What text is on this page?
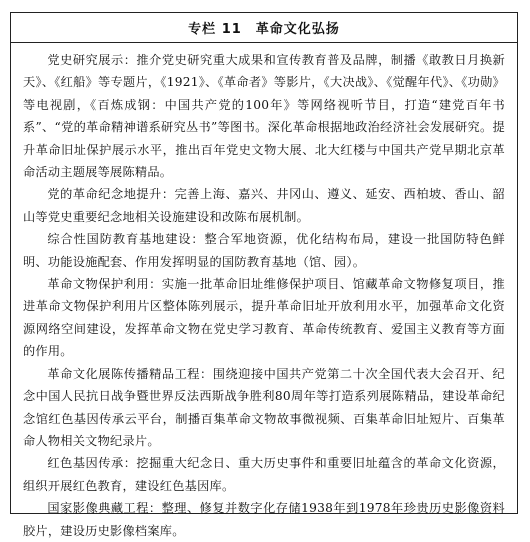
专栏 11 革命文化弘扬

党史研究展示：推介党史研究重大成果和宣传教育普及品牌，制播《敢教日月换新天》、《红船》等专题片，《1921》、《革命者》等影片，《大决战》、《觉醒年代》、《功勋》等电视剧，《百炼成钢：中国共产党的100年》等网络视听节目，打造“建党百年书系”、“党的革命精神谱系研究丛书”等图书。深化革命根据地政治经济社会发展研究。提升革命旧址保护展示水平，推出百年党史文物大展、北大红楼与中国共产党早期北京革命活动主题展等展陈精品。

党的革命纪念地提升：完善上海、嘉兴、井冈山、遵义、延安、西柏坡、香山、韶山等党史重要纪念地相关设施建设和改陈布展机制。

综合性国防教育基地建设：整合军地资源，优化结构布局，建设一批国防特色鲜明、功能设施配套、作用发挥明显的国防教育基地（馆、园）。

革命文物保护利用：实施一批革命旧址维修保护项目、馆藏革命文物修复项目，推进革命文物保护利用片区整体陈列展示，提升革命旧址开放利用水平，加强革命文化资源网络空间建设，发挥革命文物在党史学习教育、革命传统教育、爱国主义教育等方面的作用。

革命文化展陈传播精品工程：围绕迎接中国共产党第二十次全国代表大会召开、纪念中国人民抗日战争暨世界反法西斯战争胜利80周年等打造系列展陈精品，建设革命纪念馆红色基因传承云平台，制播百集革命文物故事微视频、百集革命旧址短片、百集革命人物相关文物纪录片。

红色基因传承：挖掘重大纪念日、重大历史事件和重要旧址蕴含的革命文化资源，组织开展红色教育，建设红色基因库。

国家影像典藏工程：整理、修复并数字化存储1938年到1978年珍贵历史影像资料胶片，建设历史影像档案库。
